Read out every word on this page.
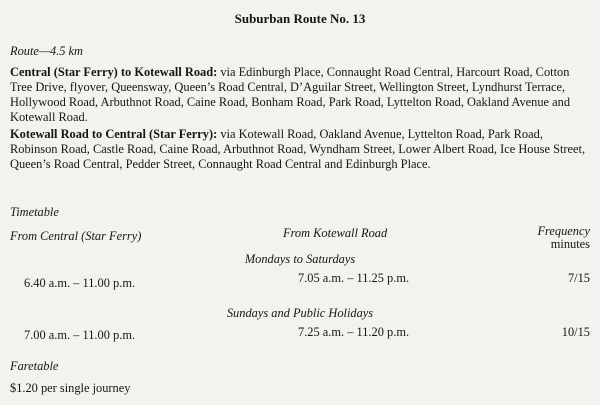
Suburban Route No. 13
Route—4.5 km
Central (Star Ferry) to Kotewall Road: via Edinburgh Place, Connaught Road Central, Harcourt Road, Cotton Tree Drive, flyover, Queensway, Queen’s Road Central, D’Aguilar Street, Wellington Street, Lyndhurst Terrace, Hollywood Road, Arbuthnot Road, Caine Road, Bonham Road, Park Road, Lyttelton Road, Oakland Avenue and Kotewall Road.
Kotewall Road to Central (Star Ferry): via Kotewall Road, Oakland Avenue, Lyttelton Road, Park Road, Robinson Road, Castle Road, Caine Road, Arbuthnot Road, Wyndham Street, Lower Albert Road, Ice House Street, Queen’s Road Central, Pedder Street, Connaught Road Central and Edinburgh Place.
Timetable
From Central (Star Ferry)	From Kotewall Road	Frequency
minutes
Mondays to Saturdays
6.40 a.m. – 11.00 p.m.	7.05 a.m. – 11.25 p.m.	7/15
Sundays and Public Holidays
7.00 a.m. – 11.00 p.m.	7.25 a.m. – 11.20 p.m.	10/15
Faretable
$1.20 per single journey
